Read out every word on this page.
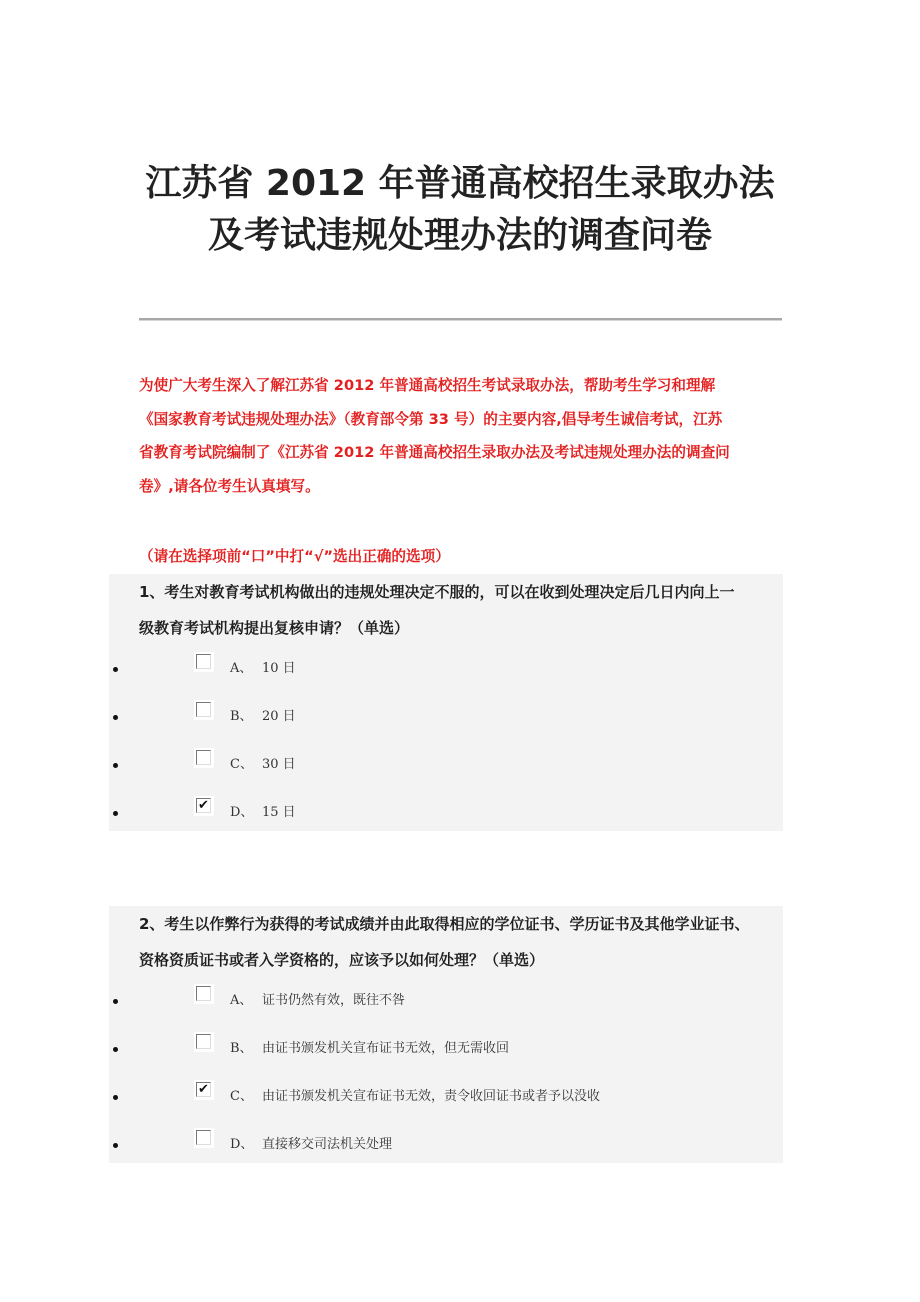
江苏省 2012 年普通高校招生录取办法
及考试违规处理办法的调查问卷
为使广大考生深入了解江苏省 2012 年普通高校招生考试录取办法，帮助考生学习和理解
《国家教育考试违规处理办法》（教育部令第 33 号）的主要内容,倡导考生诚信考试，江苏
省教育考试院编制了《江苏省 2012 年普通高校招生录取办法及考试违规处理办法的调查问
卷》,请各位考生认真填写。
（请在选择项前“口”中打“√”选出正确的选项）
1、考生对教育考试机构做出的违规处理决定不服的，可以在收到处理决定后几日内向上一
级教育考试机构提出复核申请？（单选）
A、 10 日
B、 20 日
C、 30 日
✔ D、 15 日
2、考生以作弊行为获得的考试成绩并由此取得相应的学位证书、学历证书及其他学业证书、
资格资质证书或者入学资格的，应该予以如何处理？（单选）
A、 证书仍然有效，既往不咎
B、 由证书颁发机关宣布证书无效，但无需收回
✔ C、 由证书颁发机关宣布证书无效，责令收回证书或者予以没收
D、 直接移交司法机关处理
